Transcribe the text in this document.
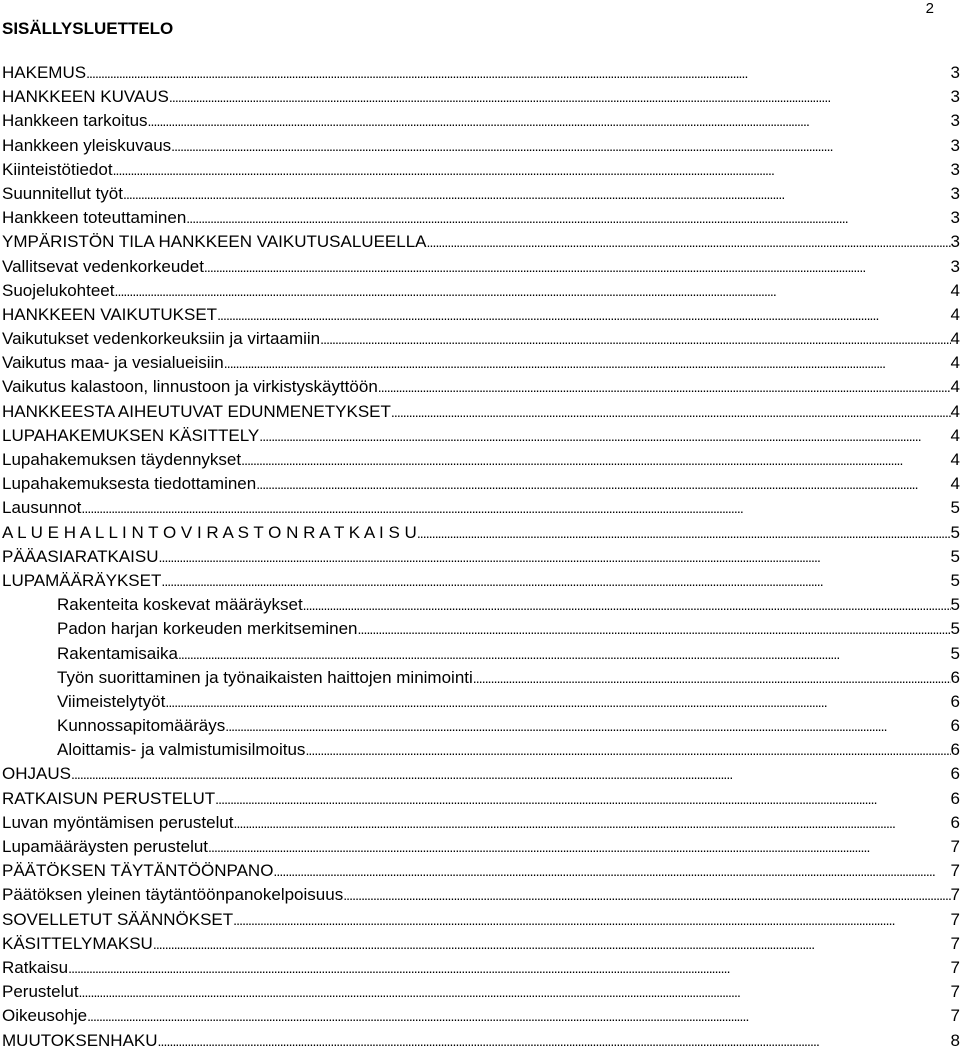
2
SISÄLLYSLUETTELO
HAKEMUS . . .	3
HANKKEEN KUVAUS . . .	3
Hankkeen tarkoitus . . .	3
Hankkeen yleiskuvaus . . .	3
Kiinteistötiedot . . .	3
Suunnitellut työt . . .	3
Hankkeen toteuttaminen . . .	3
YMPÄRISTÖN TILA HANKKEEN VAIKUTUSALUEELLA . . .	3
Vallitsevat vedenkorkeudet . . .	3
Suojelukohteet . . .	4
HANKKEEN VAIKUTUKSET . . .	4
Vaikutukset vedenkorkeuksiin ja virtaamiin . . .	4
Vaikutus maa- ja vesialueisiin . . .	4
Vaikutus kalastoon, linnustoon ja virkistyskäyttöön . . .	4
HANKKEESTA AIHEUTUVAT EDUNMENETYKSET . . .	4
LUPAHAKEMUKSEN KÄSITTELY . . .	4
Lupahakemuksen täydennykset . . .	4
Lupahakemuksesta tiedottaminen . . .	4
Lausunnot . . .	5
A L U E H A L L I N T O V I R A S T O N R A T K A I S U . . .	5
PÄÄASIARATKAISU . . .	5
LUPAMÄÄRÄYKSET . . .	5
Rakenteita koskevat määräykset . . .	5
Padon harjan korkeuden merkitseminen . . .	5
Rakentamisaika . . .	5
Työn suorittaminen ja työnaikaisten haittojen minimointi . . .	6
Viimeistelytyöt . . .	6
Kunnossapitomääräys . . .	6
Aloittamis- ja valmistumisilmoitus . . .	6
OHJAUS . . .	6
RATKAISUN PERUSTELUT . . .	6
Luvan myöntämisen perustelut . . .	6
Lupamääräysten perustelut . . .	7
PÄÄTÖKSEN TÄYTÄNTÖÖNPANO . . .	7
Päätöksen yleinen täytäntöönpanokelpoisuus . . .	7
SOVELLETUT SÄÄNNÖKSET . . .	7
KÄSITTELYMAKSU . . .	7
Ratkaisu . . .	7
Perustelut . . .	7
Oikeusohje . . .	7
MUUTOKSENHAKU . . .	8
